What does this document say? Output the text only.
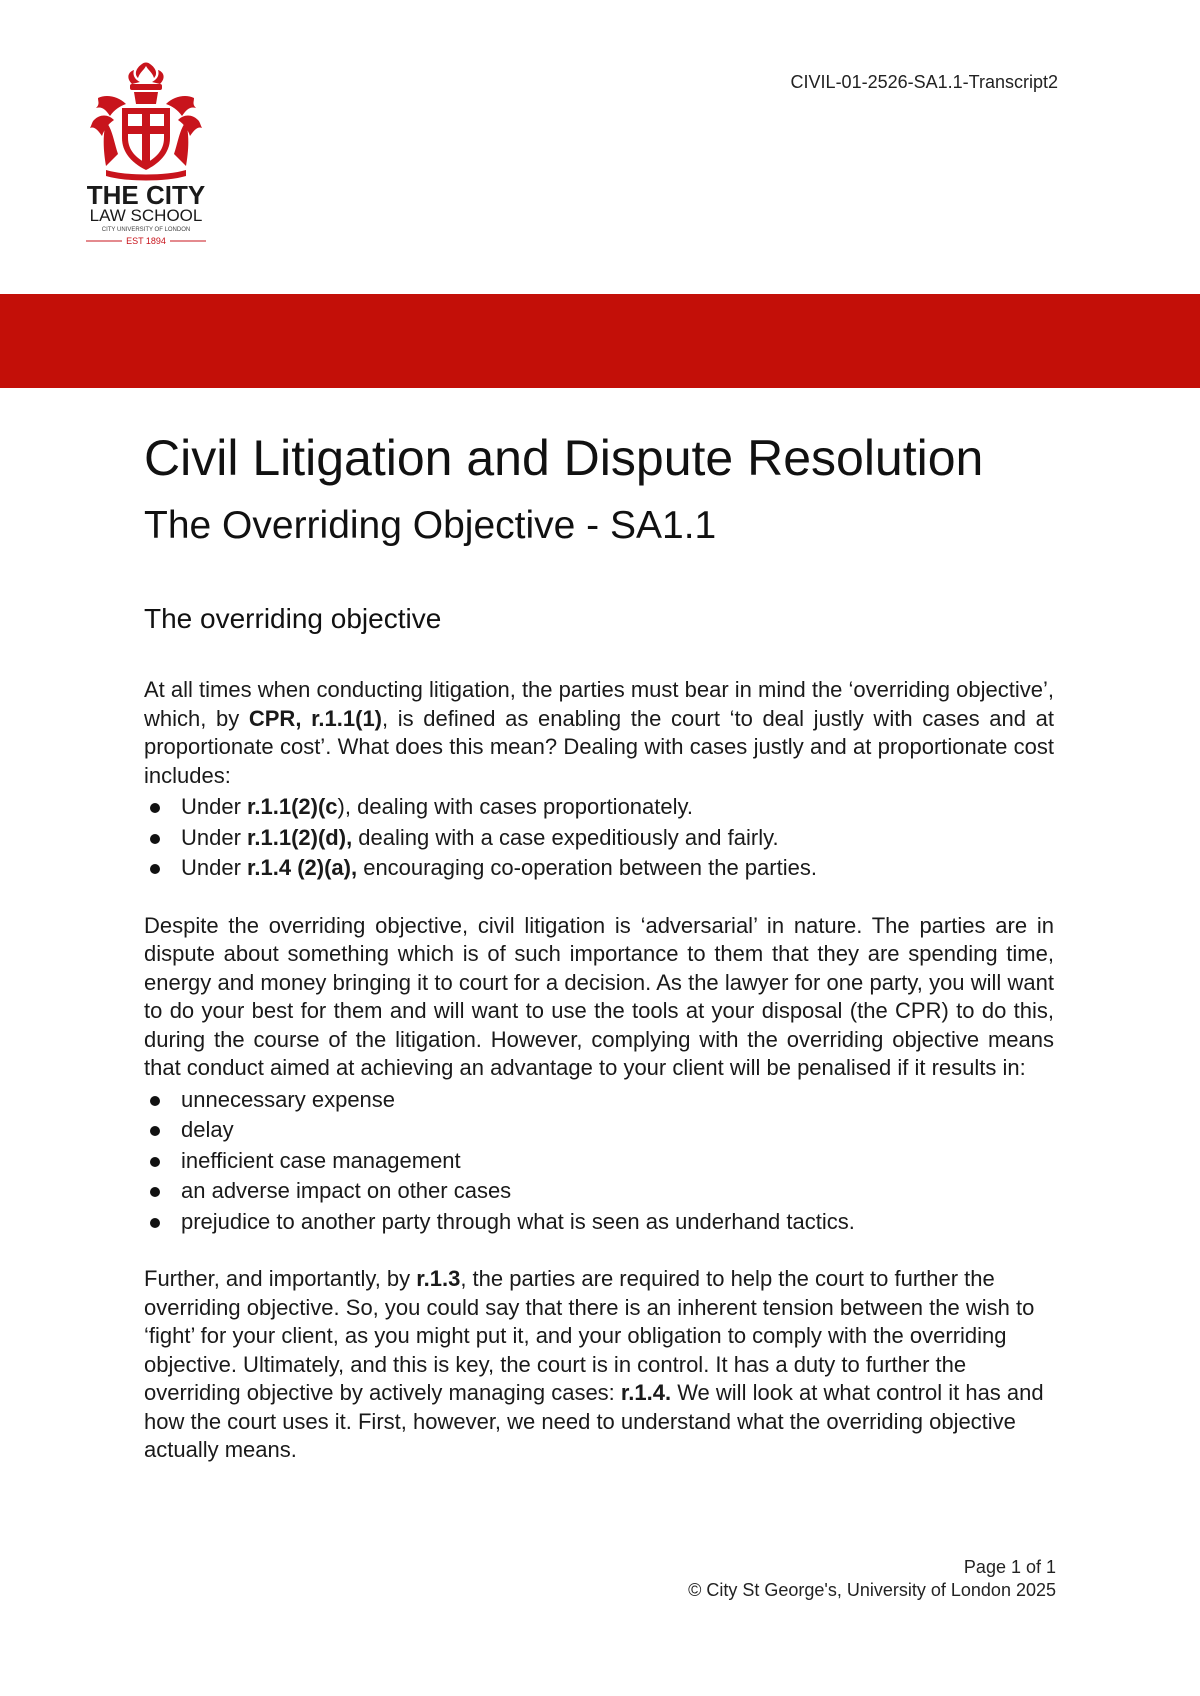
THE CITY
LAW SCHOOL
CITY UNIVERSITY OF LONDON
EST 1894
CIVIL-01-2526-SA1.1-Transcript2
Civil Litigation and Dispute Resolution
The Overriding Objective - SA1.1
The overriding objective

At all times when conducting litigation, the parties must bear in mind the ‘overriding objective’, which, by CPR, r.1.1(1), is defined as enabling the court ‘to deal justly with cases and at proportionate cost’. What does this mean? Dealing with cases justly and at proportionate cost includes:

Under r.1.1(2)(c), dealing with cases proportionately.
Under r.1.1(2)(d), dealing with a case expeditiously and fairly.
Under r.1.4 (2)(a), encouraging co-operation between the parties.

Despite the overriding objective, civil litigation is ‘adversarial’ in nature. The parties are in dispute about something which is of such importance to them that they are spending time, energy and money bringing it to court for a decision. As the lawyer for one party, you will want to do your best for them and will want to use the tools at your disposal (the CPR) to do this, during the course of the litigation. However, complying with the overriding objective means that conduct aimed at achieving an advantage to your client will be penalised if it results in:

unnecessary expense
delay
inefficient case management
an adverse impact on other cases
prejudice to another party through what is seen as underhand tactics.

Further, and importantly, by r.1.3, the parties are required to help the court to further the overriding objective. So, you could say that there is an inherent tension between the wish to ‘fight’ for your client, as you might put it, and your obligation to comply with the overriding objective. Ultimately, and this is key, the court is in control. It has a duty to further the overriding objective by actively managing cases: r.1.4. We will look at what control it has and how the court uses it. First, however, we need to understand what the overriding objective actually means.

Page 1 of 1
© City St George's, University of London 2025
